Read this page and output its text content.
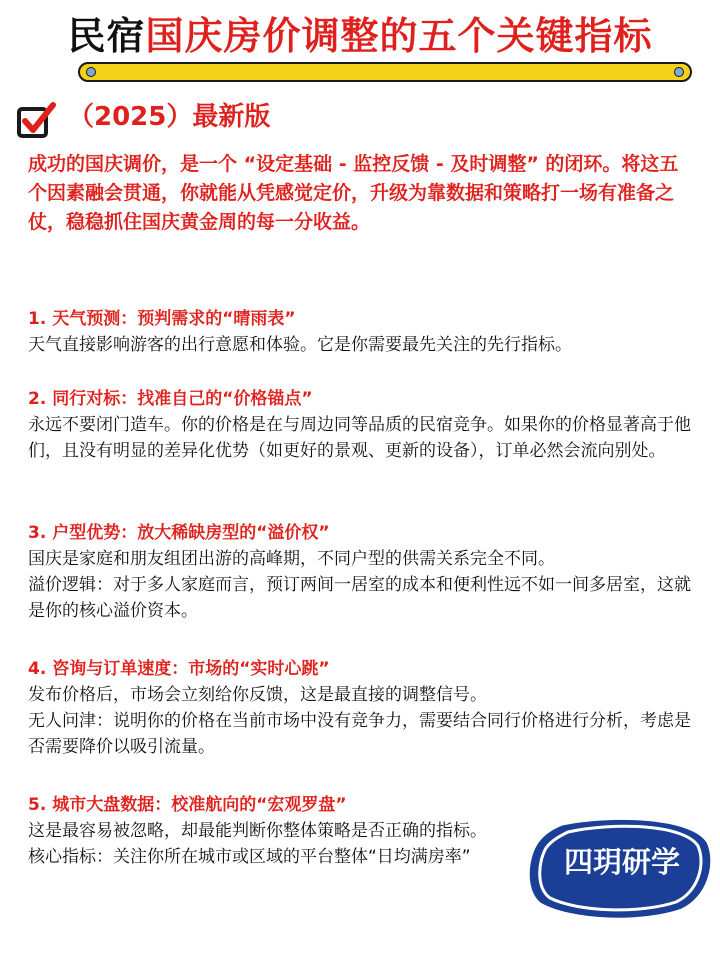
民宿国庆房价调整的五个关键指标
（2025）最新版

成功的国庆调价，是一个 “设定基础 - 监控反馈 - 及时调整” 的闭环。将这五个因素融会贯通，你就能从凭感觉定价，升级为靠数据和策略打一场有准备之仗，稳稳抓住国庆黄金周的每一分收益。

1. 天气预测：预判需求的“晴雨表”

天气直接影响游客的出行意愿和体验。它是你需要最先关注的先行指标。

2. 同行对标：找准自己的“价格锚点”

永远不要闭门造车。你的价格是在与周边同等品质的民宿竞争。如果你的价格显著高于他们，且没有明显的差异化优势（如更好的景观、更新的设备），订单必然会流向别处。

3. 户型优势：放大稀缺房型的“溢价权”

国庆是家庭和朋友组团出游的高峰期，不同户型的供需关系完全不同。
溢价逻辑：对于多人家庭而言，预订两间一居室的成本和便利性远不如一间多居室，这就是你的核心溢价资本。

4. 咨询与订单速度：市场的“实时心跳”

发布价格后，市场会立刻给你反馈，这是最直接的调整信号。
无人问津：说明你的价格在当前市场中没有竞争力，需要结合同行价格进行分析，考虑是否需要降价以吸引流量。

5. 城市大盘数据：校准航向的“宏观罗盘”

这是最容易被忽略，却最能判断你整体策略是否正确的指标。
核心指标：关注你所在城市或区域的平台整体“日均满房率”	四玥研学
